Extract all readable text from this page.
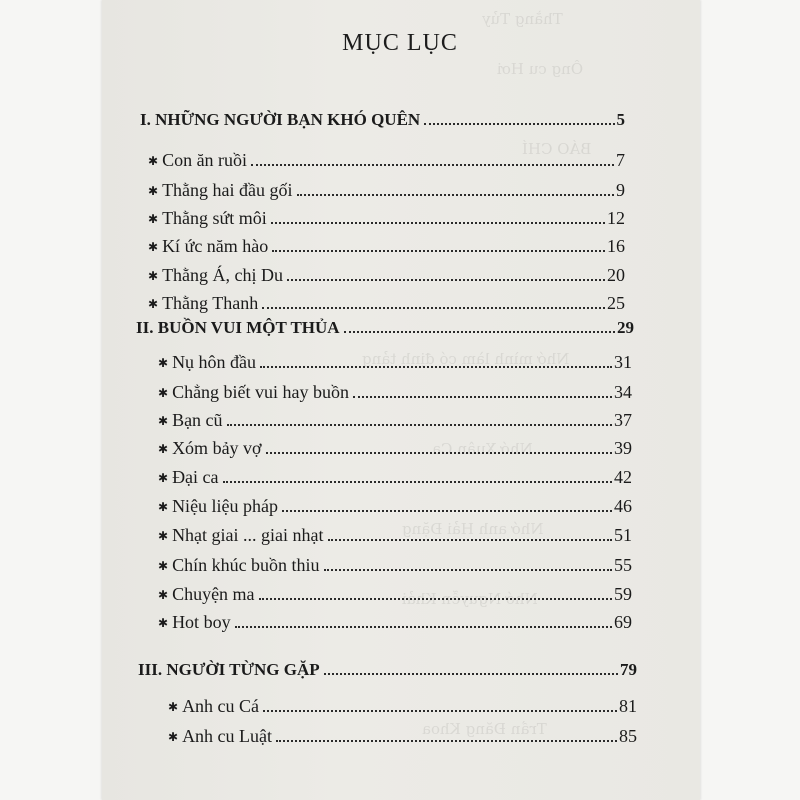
Thằng Tủy
Ông cu Hơi
BÁO CHÍ
Nhớ mình làm có định tảng
Nhớ Xuân Ca
Nhớ anh Hải Đặng
Nhớ Nguyễn Khải
Trần Đăng Khoa
MỤC LỤC
I. NHỮNG NGƯỜI BẠN KHÓ QUÊN	5
✱ Con ăn ruồi	7
✱ Thằng hai đầu gối	9
✱ Thằng sứt môi	12
✱ Kí ức năm hào	16
✱ Thằng Á, chị Du	20
✱ Thằng Thanh	25
II. BUỒN VUI MỘT THỦA	29
✱ Nụ hôn đầu	31
✱ Chẳng biết vui hay buồn	34
✱ Bạn cũ	37
✱ Xóm bảy vợ	39
✱ Đại ca	42
✱ Niệu liệu pháp	46
✱ Nhạt giai ... giai nhạt	51
✱ Chín khúc buồn thiu	55
✱ Chuyện ma	59
✱ Hot boy	69
III. NGƯỜI TỪNG GẶP	79
✱ Anh cu Cá	81
✱ Anh cu Luật	85
